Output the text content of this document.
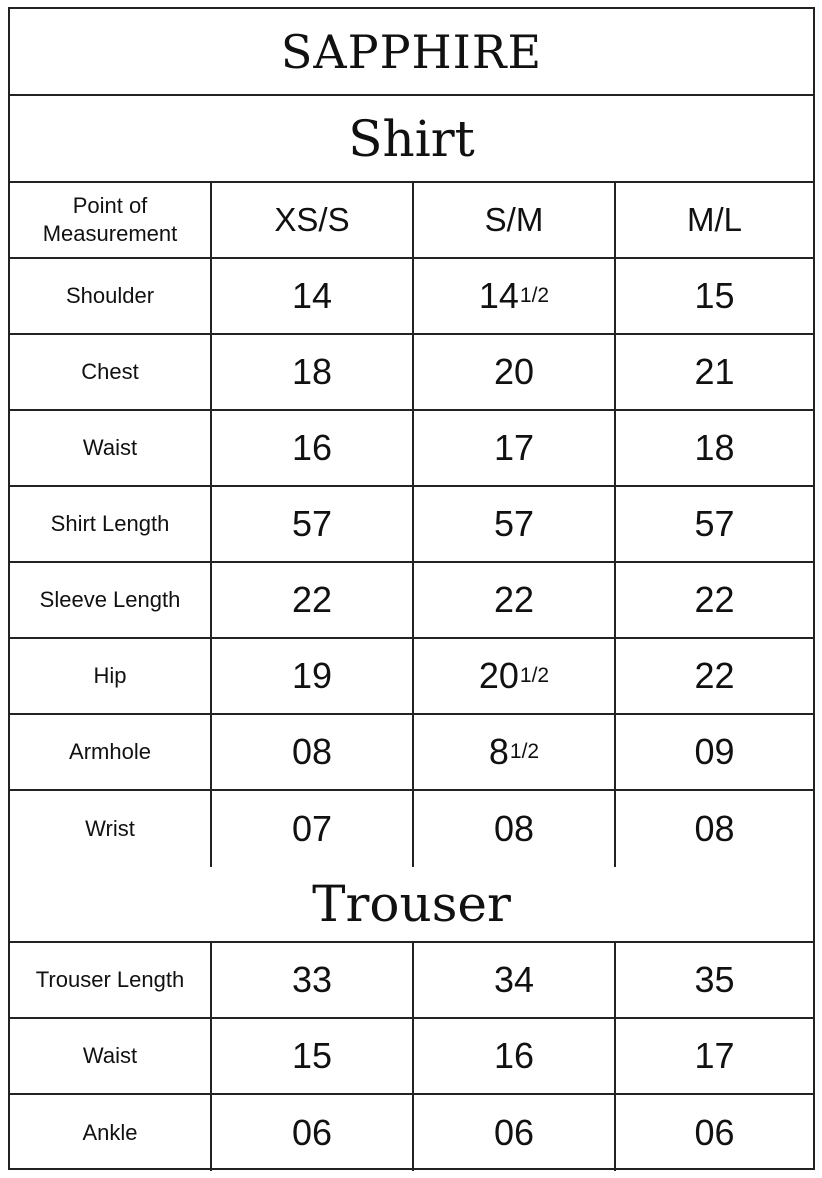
SAPPHIRE
Shirt
Point of Measurement	XS/S	S/M	M/L
Shoulder	14	14 1/2	15
Chest	18	20	21
Waist	16	17	18
Shirt Length	57	57	57
Sleeve Length	22	22	22
Hip	19	20 1/2	22
Armhole	08	8 1/2	09
Wrist	07	08	08
Trouser
Trouser Length	33	34	35
Waist	15	16	17
Ankle	06	06	06
